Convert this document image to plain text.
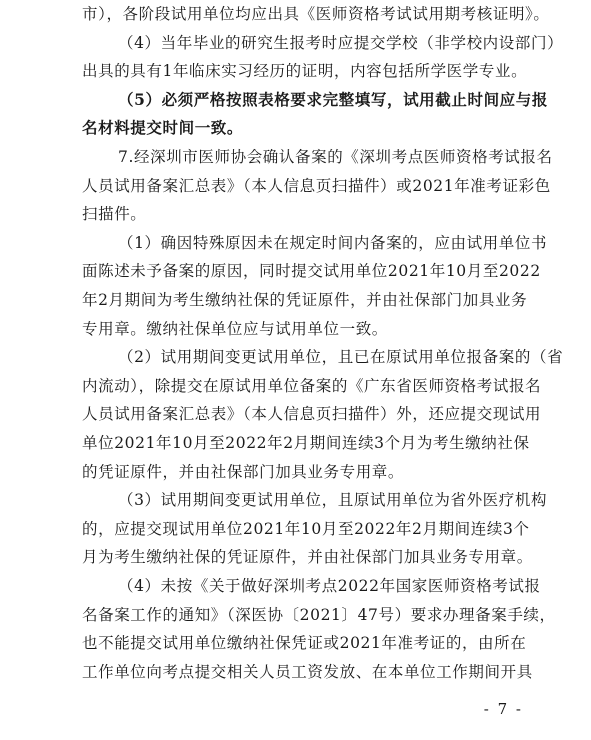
市），各阶段试用单位均应出具《医师资格考试试用期考核证明》。
（4）当年毕业的研究生报考时应提交学校（非学校内设部门）
出具的具有1年临床实习经历的证明，内容包括所学医学专业。
（5）必须严格按照表格要求完整填写，试用截止时间应与报
名材料提交时间一致。
7.经深圳市医师协会确认备案的《深圳考点医师资格考试报名
人员试用备案汇总表》（本人信息页扫描件）或2021年准考证彩色
扫描件。
（1）确因特殊原因未在规定时间内备案的，应由试用单位书
面陈述未予备案的原因，同时提交试用单位2021年10月至2022
年2月期间为考生缴纳社保的凭证原件，并由社保部门加具业务
专用章。缴纳社保单位应与试用单位一致。
（2）试用期间变更试用单位，且已在原试用单位报备案的（省
内流动），除提交在原试用单位备案的《广东省医师资格考试报名
人员试用备案汇总表》（本人信息页扫描件）外，还应提交现试用
单位2021年10月至2022年2月期间连续3个月为考生缴纳社保
的凭证原件，并由社保部门加具业务专用章。
（3）试用期间变更试用单位，且原试用单位为省外医疗机构
的，应提交现试用单位2021年10月至2022年2月期间连续3个
月为考生缴纳社保的凭证原件，并由社保部门加具业务专用章。
（4）未按《关于做好深圳考点2022年国家医师资格考试报
名备案工作的通知》（深医协〔2021〕47号）要求办理备案手续，
也不能提交试用单位缴纳社保凭证或2021年准考证的，由所在
工作单位向考点提交相关人员工资发放、在本单位工作期间开具
- 7 -
